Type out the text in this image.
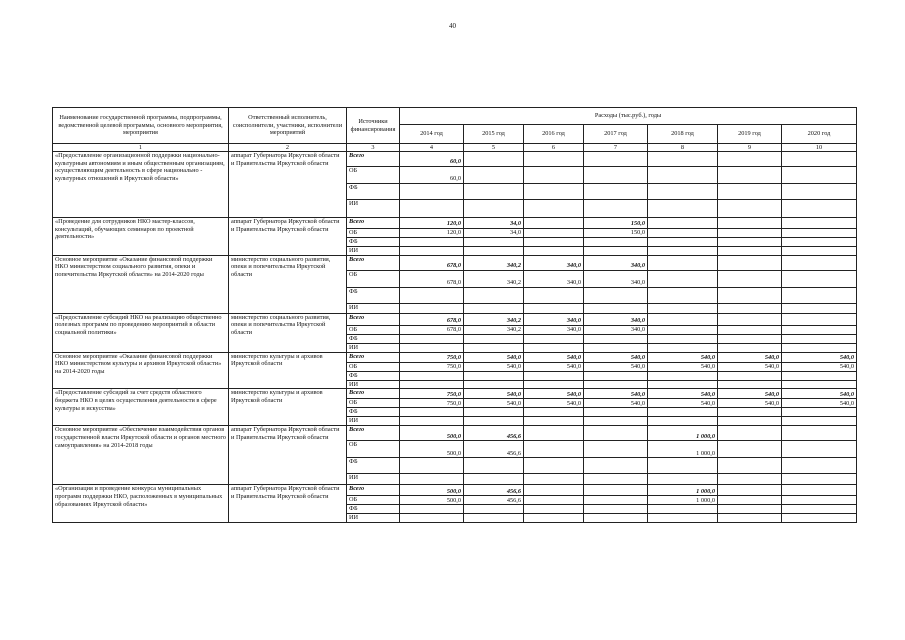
40
Наименование государственной программы, подпрограммы, ведомственной целевой программы, основного мероприятия, мероприятия	Ответственный исполнитель, соисполнители, участники, исполнители мероприятий	Источники финансирования	Расходы (тыс.руб.), годы						
			2014 год	2015 год	2016 год	2017 год	2018 год	2019 год	2020 год
1	2	3	4	5	6	7	8	9	10
«Предоставление организационной поддержки национально-культурным автономиям и иным общественным организациям, осуществляющим деятельность в сфере национально - культурных отношений в Иркутской области»	аппарат Губернатора Иркутской области и Правительства Иркутской области	Всего	60,0						
		ОБ	60,0						
		ФБ							
		ИИ							
«Проведение для сотрудников НКО мастер-классов, консультаций, обучающих семинаров по проектной деятельности»	аппарат Губернатора Иркутской области и Правительства Иркутской области	Всего	120,0	34,0		150,0			
		ОБ	120,0	34,0		150,0			
		ФБ							
		ИИ							
Основное мероприятие «Оказание финансовой поддержки НКО министерством социального развития, опеки и попечительства Иркутской области» на 2014-2020 годы	министерство социального развития, опеки и попечительства Иркутской области	Всего	678,0	340,2	340,0	340,0			
		ОБ	678,0	340,2	340,0	340,0			
		ФБ							
		ИИ							
«Предоставление субсидий НКО на реализацию общественно полезных программ по проведению мероприятий в области социальной политики»	министерство социального развития, опеки и попечительства Иркутской области	Всего	678,0	340,2	340,0	340,0			
		ОБ	678,0	340,2	340,0	340,0			
		ФБ							
		ИИ							
Основное мероприятие «Оказание финансовой поддержки НКО министерством культуры и архивов Иркутской области» на 2014-2020 годы	министерство культуры и архивов Иркутской области	Всего	750,0	540,0	540,0	540,0	540,0	540,0	540,0
		ОБ	750,0	540,0	540,0	540,0	540,0	540,0	540,0
		ФБ							
		ИИ							
«Предоставление субсидий за счет средств областного бюджета НКО в целях осуществления деятельности в сфере культуры и искусства»	министерство культуры и архивов Иркутской области	Всего	750,0	540,0	540,0	540,0	540,0	540,0	540,0
		ОБ	750,0	540,0	540,0	540,0	540,0	540,0	540,0
		ФБ							
		ИИ							
Основное мероприятие «Обеспечение взаимодействия органов государственной власти Иркутской области и органов местного самоуправления» на 2014-2018 годы	аппарат Губернатора Иркутской области и Правительства Иркутской области	Всего	500,0	456,6			1 000,0		
		ОБ	500,0	456,6			1 000,0		
		ФБ							
		ИИ							
«Организация и проведение конкурса муниципальных программ поддержки НКО, расположенных в муниципальных образованиях Иркутской области»	аппарат Губернатора Иркутской области и Правительства Иркутской области	Всего	500,0	456,6			1 000,0		
		ОБ	500,0	456,6			1 000,0		
		ФБ							
		ИИ							
